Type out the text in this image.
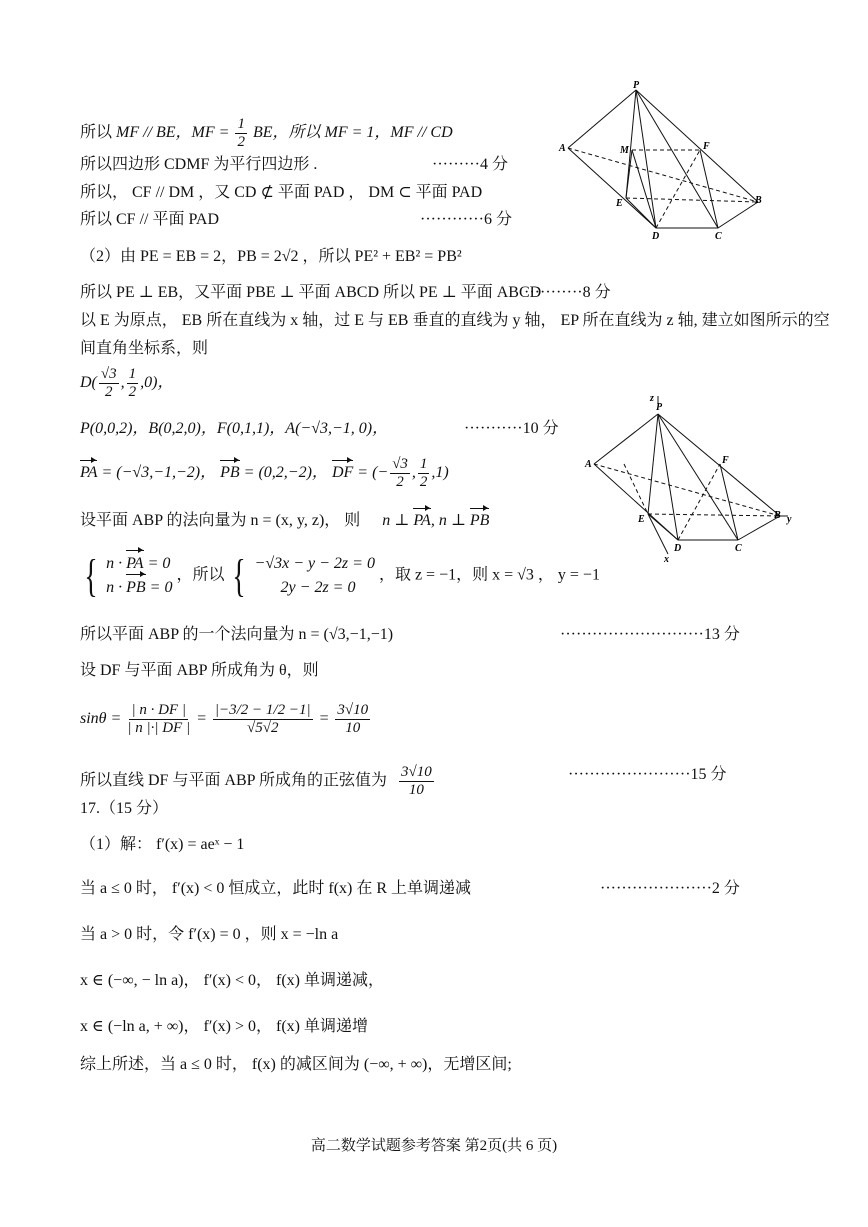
所以 MF // BE，MF = $\frac{1}{2}$ BE，所以 MF = 1，MF // CD
所以四边形 CDMF 为平行四边形 .	·········4 分
所以， CF // DM ，又 CD ⊄ 平面 PAD ， DM ⊂ 平面 PAD
所以 CF // 平面 PAD	············6 分
P
A	M	F
E	B
D	C
（2）由 PE = EB = 2，PB = 2√2 ，所以 PE² + EB² = PB²
所以 PE ⊥ EB，又平面 PBE ⊥ 平面 ABCD 所以 PE ⊥ 平面 ABCD
···········8 分
以 E 为原点， EB 所在直线为 x 轴，过 E 与 EB 垂直的直线为 y 轴， EP 所在直线为 z 轴, 建立如图所示的空
间直角坐标系，则
$D( \frac{√3}{2}$ , $\frac{1}{2} ,0$)，
P(0,0,2)，B(0,2,0)，F(0,1,1)，A(−√3,−1, 0)，	···········10 分
PA = (−√3,−1,−2)， PB = (0,2,−2)， DF = (− $\frac{√3}{2}$ , $\frac{1}{2} ,1$)
设平面 ABP 的法向量为 n = (x, y, z)， 则 n ⊥ PA, n ⊥ PB
{ n · PA = 0
n · PB = 0
，所以 { −√3x − y − 2z = 0
2y − 2z = 0
，取 z = −1，则 x = √3 ， y = −1
所以平面 ABP 的一个法向量为 n = (√3,−1,−1)	···························13 分
设 DF 与平面 ABP 所成角为 θ，则
$\sin\theta = \frac{| n \cdot DF |}{| n |\cdot| DF |} = \frac{|-3/2 - 1/2 -1|}{√5√2} = \frac{3√10}{10}$
所以直线 DF 与平面 ABP 所成角的正弦值为 $\frac{3√10}{10}$	·······················15 分
z
P
A	F
E	B y
D	C
x
17.（15 分）
（1）解： f′(x) = aeˣ − 1
当 a ≤ 0 时， f′(x) < 0 恒成立，此时 f(x) 在 R 上单调递减	·····················2 分
当 a > 0 时，令 f′(x) = 0 ，则 x = −ln a
x ∈ (−∞, − ln a)， f′(x) < 0， f(x) 单调递减，
x ∈ (−ln a, + ∞)， f′(x) > 0， f(x) 单调递增
综上所述，当 a ≤ 0 时， f(x) 的减区间为 (−∞, + ∞)，无增区间;
高二数学试题参考答案 第2页(共 6 页)
